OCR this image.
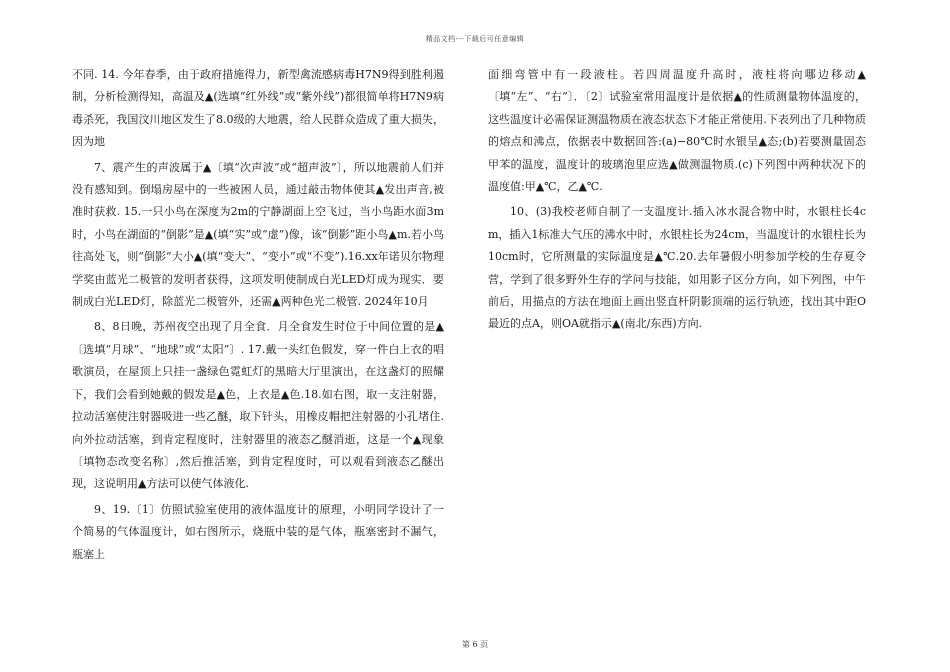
精品文档---下载后可任意编辑

不同. 14. 今年春季，由于政府措施得力，新型禽流感病毒H7N9得到胜利遏制，分析检测得知，高温及▲(选填“红外线”或“紫外线”)都很简单将H7N9病毒杀死，我国汶川地区发生了8.0级的大地震，给人民群众造成了重大损失，因为地

7、震产生的声波属于▲〔填“次声波”或“超声波”〕，所以地震前人们并没有感知到。倒塌房屋中的一些被困人员，通过敲击物体使其▲发出声音,被准时获救. 15.一只小鸟在深度为2m的宁静湖面上空飞过，当小鸟距水面3m时，小鸟在湖面的“倒影”是▲(填“实”或“虚”)像，该“倒影”距小鸟▲m.若小鸟往高处飞，则“倒影”大小▲(填“变大”、“变小”或“不变”).16.xx年诺贝尔物理学奖由蓝光二极管的发明者获得，这项发明使制成白光LED灯成为现实．要制成白光LED灯，除蓝光二极管外，还需▲两种色光二极管. 2024年10月

8、8日晚，苏州夜空出现了月全食．月全食发生时位于中间位置的是▲〔选填“月球”、“地球”或“太阳”〕. 17.戴一头红色假发，穿一件白上衣的唱歌演员，在屋顶上只挂一盏绿色霓虹灯的黑暗大厅里演出，在这盏灯的照耀下，我们会看到她戴的假发是▲色，上衣是▲色.18.如右图，取一支注射器，拉动活塞使注射器吸进一些乙醚，取下针头，用橡皮帽把注射器的小孔堵住.向外拉动活塞，到肯定程度时，注射器里的液态乙醚消逝，这是一个▲现象〔填物态改变名称〕,然后推活塞，到肯定程度时，可以观看到液态乙醚出现，这说明用▲方法可以使气体液化.

9、19.〔1〕仿照试验室使用的液体温度计的原理，小明同学设计了一个简易的气体温度计，如右图所示，烧瓶中装的是气体，瓶塞密封不漏气，瓶塞上

面细弯管中有一段液柱。若四周温度升高时，液柱将向哪边移动▲〔填“左”、“右”〕．〔2〕试验室常用温度计是依据▲的性质测量物体温度的，这些温度计必需保证测温物质在液态状态下才能正常使用.下表列出了几种物质的熔点和沸点，依据表中数据回答:(a)−80℃时水银呈▲态;(b)若要测量固态甲苯的温度，温度计的玻璃泡里应选▲做测温物质.(c)下列图中两种状况下的温度值:甲▲℃，乙▲℃.

10、(3)我校老师自制了一支温度计.插入冰水混合物中时，水银柱长4cm，插入1标准大气压的沸水中时，水银柱长为24cm，当温度计的水银柱长为10cm时，它所测量的实际温度是▲℃.20.去年暑假小明参加学校的生存夏令营，学到了很多野外生存的学问与技能，如用影子区分方向，如下列图，中午前后，用描点的方法在地面上画出竖直杆阴影顶端的运行轨迹，找出其中距O最近的点A，则OA就指示▲(南北/东西)方向.

第 6 页
